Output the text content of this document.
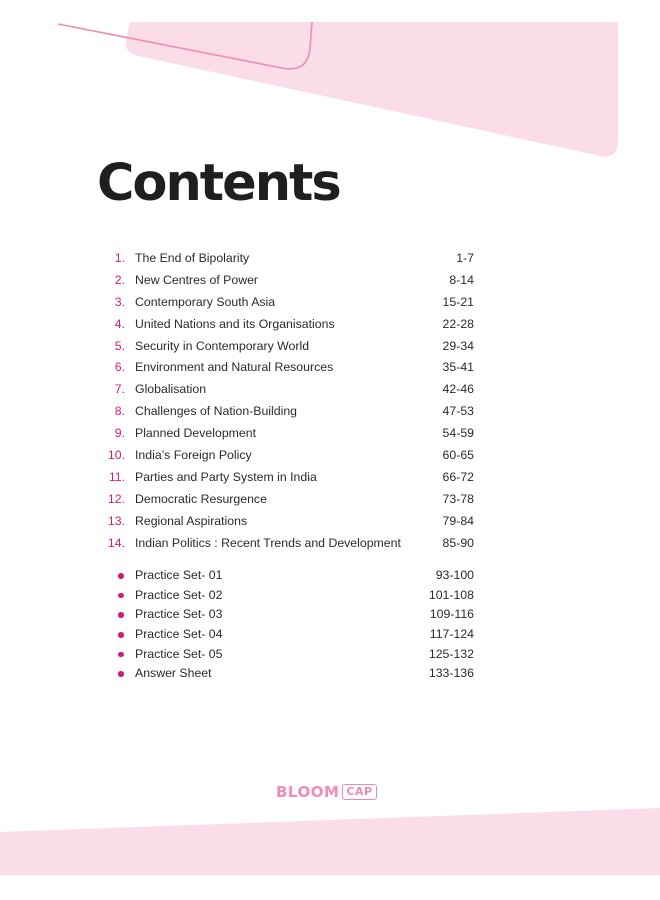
Contents
1. The End of Bipolarity	1-7
2. New Centres of Power	8-14
3. Contemporary South Asia	15-21
4. United Nations and its Organisations	22-28
5. Security in Contemporary World	29-34
6. Environment and Natural Resources	35-41
7. Globalisation	42-46
8. Challenges of Nation-Building	47-53
9. Planned Development	54-59
10. India’s Foreign Policy	60-65
11. Parties and Party System in India	66-72
12. Democratic Resurgence	73-78
13. Regional Aspirations	79-84
14. Indian Politics : Recent Trends and Development	85-90
Practice Set- 01	93-100
Practice Set- 02	101-108
Practice Set- 03	109-116
Practice Set- 04	117-124
Practice Set- 05	125-132
Answer Sheet	133-136
BLOOM CAP
